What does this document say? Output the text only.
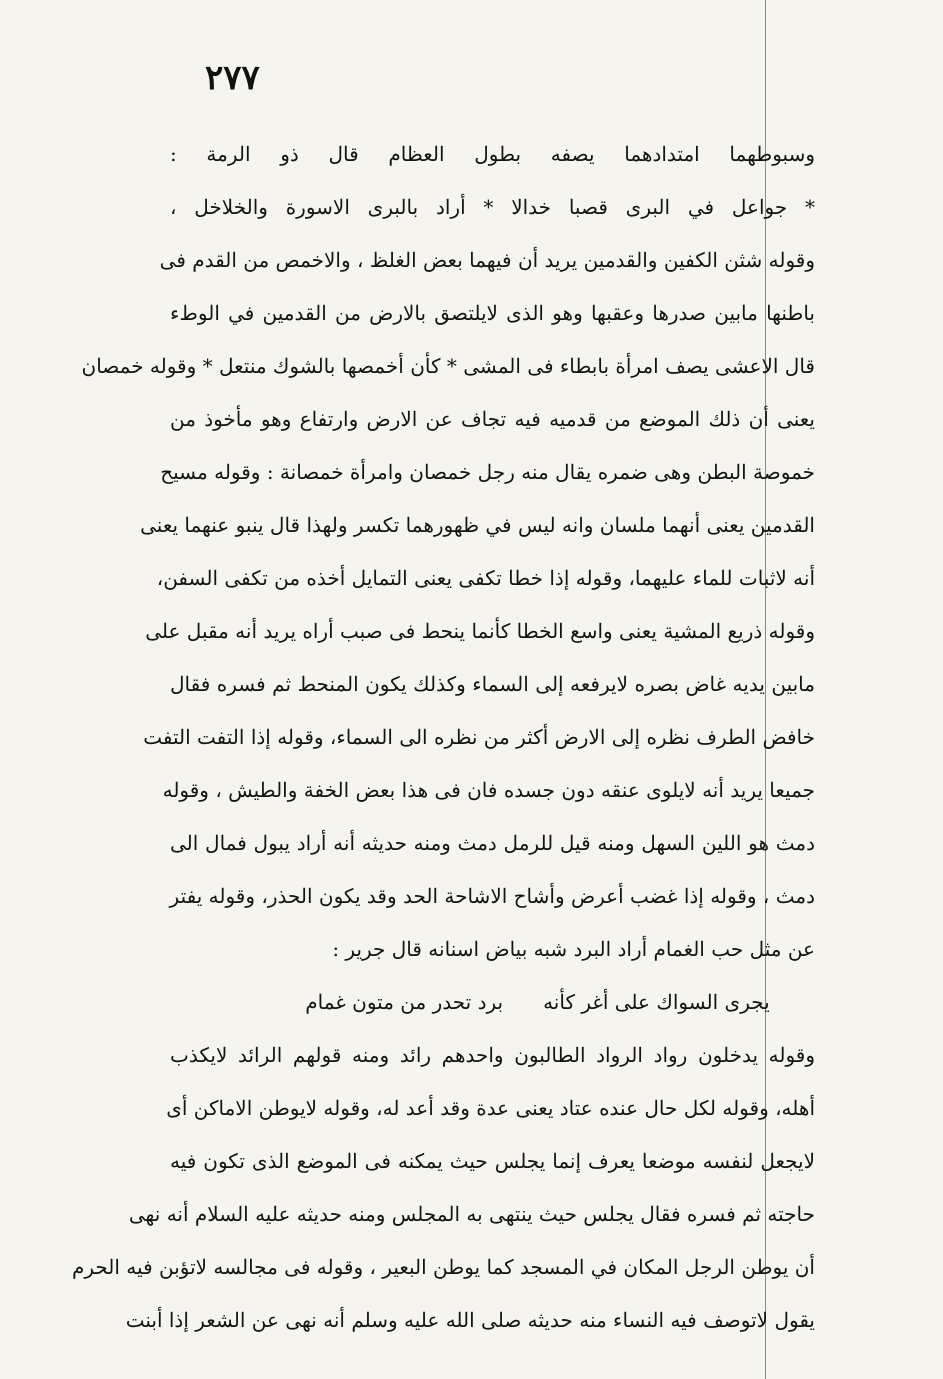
٢٧٧

وسبوطهما امتدادهما يصفه بطول العظام قال ذو الرمة :

* جواعل في البرى قصبا خدالا * أراد بالبرى الاسورة والخلاخل ،

وقوله شثن الكفين والقدمين يريد أن فيهما بعض الغلظ ، والاخمص من القدم فى

باطنها مابين صدرها وعقبها وهو الذى لايلتصق بالارض من القدمين في الوطء

قال الاعشى يصف امرأة بابطاء فى المشى * كأن أخمصها بالشوك منتعل * وقوله خمصان

يعنى أن ذلك الموضع من قدميه فيه تجاف عن الارض وارتفاع وهو مأخوذ من

خموصة البطن وهى ضمره يقال منه رجل خمصان وامرأة خمصانة : وقوله مسيح

القدمين يعنى أنهما ملسان وانه ليس في ظهورهما تكسر ولهذا قال ينبو عنهما يعنى

أنه لاثبات للماء عليهما، وقوله إذا خطا تكفى يعنى التمايل أخذه من تكفى السفن،

وقوله ذريع المشية يعنى واسع الخطا كأنما ينحط فى صبب أراه يريد أنه مقبل على

مابين يديه غاض بصره لايرفعه إلى السماء وكذلك يكون المنحط ثم فسره فقال

خافض الطرف نظره إلى الارض أكثر من نظره الى السماء، وقوله إذا التفت التفت

جميعا يريد أنه لايلوى عنقه دون جسده فان فى هذا بعض الخفة والطيش ، وقوله

دمث هو اللين السهل ومنه قيل للرمل دمث ومنه حديثه أنه أراد يبول فمال الى

دمث ، وقوله إذا غضب أعرض وأشاح الاشاحة الحد وقد يكون الحذر، وقوله يفتر

عن مثل حب الغمام أراد البرد شبه بياض اسنانه قال جرير :

يجرى السواك على أغر كأنه
برد تحدر من متون غمام

وقوله يدخلون رواد الرواد الطالبون واحدهم رائد ومنه قولهم الرائد لايكذب

أهله، وقوله لكل حال عنده عتاد يعنى عدة وقد أعد له، وقوله لايوطن الاماكن أى

لايجعل لنفسه موضعا يعرف إنما يجلس حيث يمكنه فى الموضع الذى تكون فيه

حاجته ثم فسره فقال يجلس حيث ينتهى به المجلس ومنه حديثه عليه السلام أنه نهى

أن يوطن الرجل المكان في المسجد كما يوطن البعير ، وقوله فى مجالسه لاتؤبن فيه الحرم

يقول لاتوصف فيه النساء منه حديثه صلى الله عليه وسلم أنه نهى عن الشعر إذا أبنت
